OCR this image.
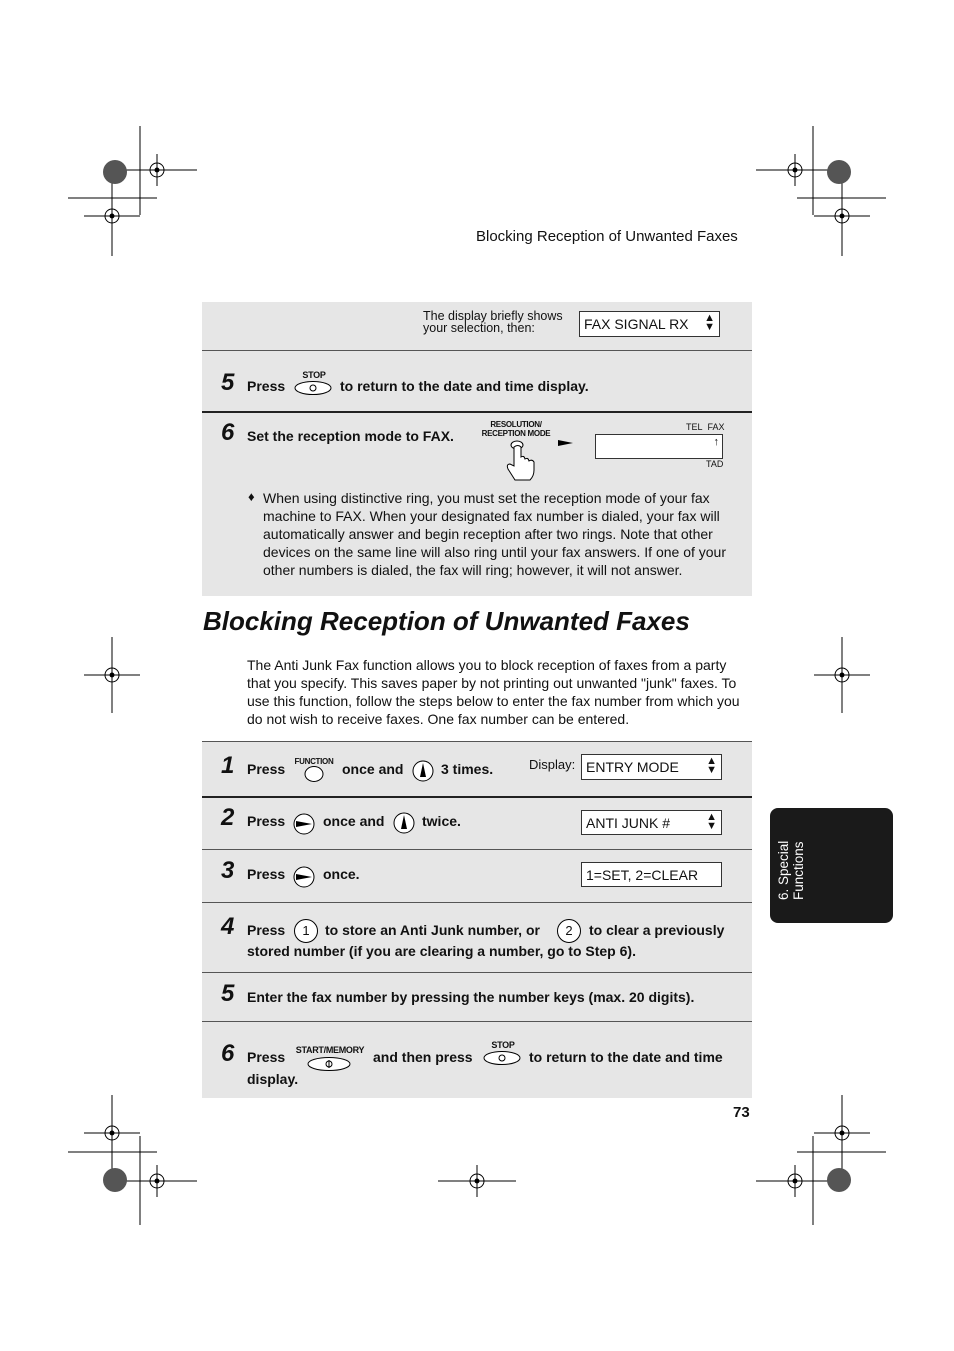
Blocking Reception of Unwanted Faxes
The display briefly shows
your selection, then:	FAX SIGNAL RX ▲
▼
5 Press
STOP
to return to the date and time display.
6 Set the reception mode to FAX.
RESOLUTION/
RECEPTION MODE
TEL FAX
↑
TAD
♦ When using distinctive ring, you must set the reception mode of your fax machine to FAX. When your designated fax number is dialed, your fax will automatically answer and begin reception after two rings. Note that other devices on the same line will also ring until your fax answers. If one of your other numbers is dialed, the fax will ring; however, it will not answer.
Blocking Reception of Unwanted Faxes
The Anti Junk Fax function allows you to block reception of faxes from a party that you specify. This saves paper by not printing out unwanted "junk" faxes. To use this function, follow the steps below to enter the fax number from which you do not wish to receive faxes. One fax number can be entered.
1 Press FUNCTION once and	3 times.	Display: ENTRY MODE ▲
▼
2 Press	once and	twice.	ANTI JUNK #	▲
▼
3 Press	once.	1=SET, 2=CLEAR
4 Press	1	to store an Anti Junk number, or	2	to clear a previously
stored number (if you are clearing a number, go to Step 6).
5 Enter the fax number by pressing the number keys (max. 20 digits).
6 Press	START/MEMORY and then press
STOP
to return to the date and time
display.
73
6. Special Functions
